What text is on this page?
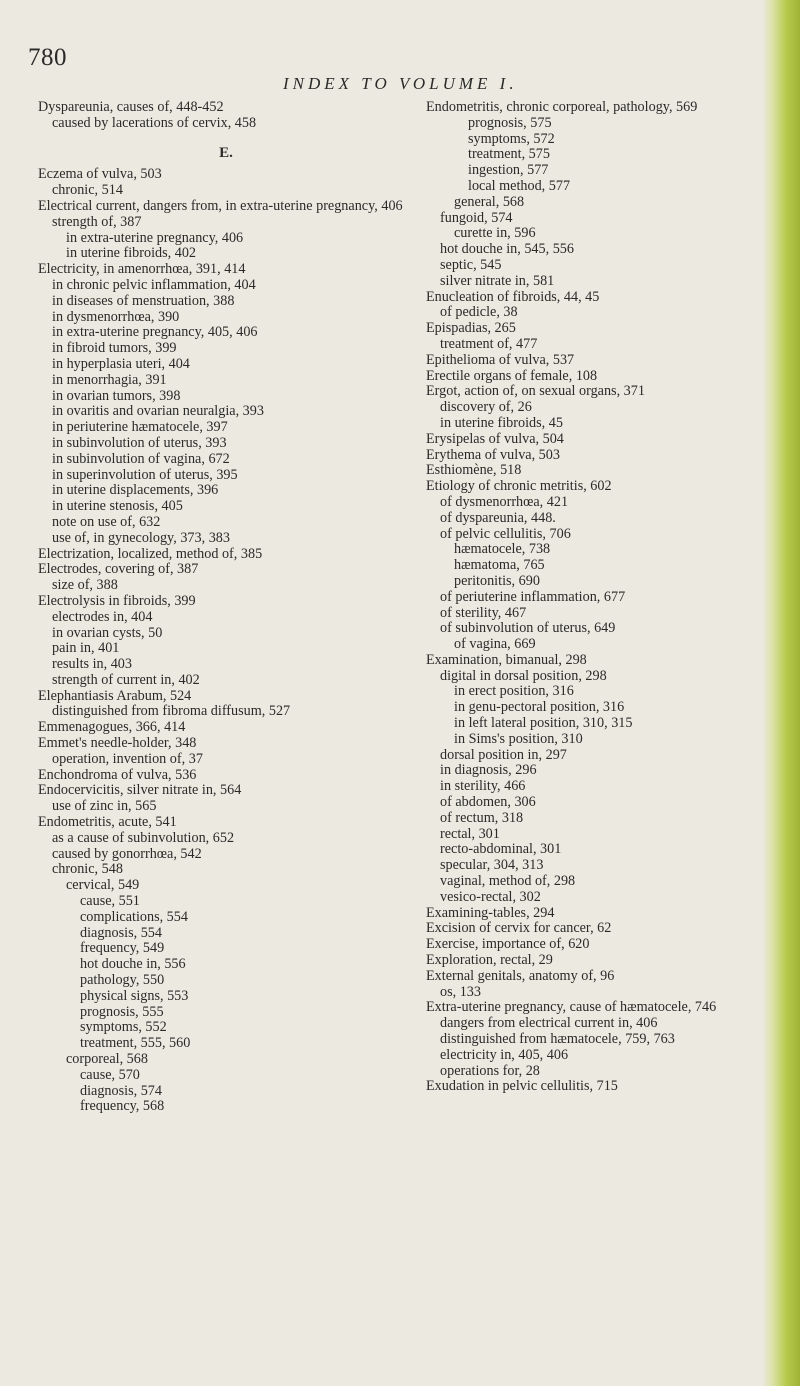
780
INDEX TO VOLUME I.

Dyspareunia, causes of, 448-452

caused by lacerations of cervix, 458

E.

Eczema of vulva, 503

chronic, 514

Electrical current, dangers from, in extra-uterine pregnancy, 406

strength of, 387

in extra-uterine pregnancy, 406

in uterine fibroids, 402

Electricity, in amenorrhœa, 391, 414

in chronic pelvic inflammation, 404

in diseases of menstruation, 388

in dysmenorrhœa, 390

in extra-uterine pregnancy, 405, 406

in fibroid tumors, 399

in hyperplasia uteri, 404

in menorrhagia, 391

in ovarian tumors, 398

in ovaritis and ovarian neuralgia, 393

in periuterine hæmatocele, 397

in subinvolution of uterus, 393

in subinvolution of vagina, 672

in superinvolution of uterus, 395

in uterine displacements, 396

in uterine stenosis, 405

note on use of, 632

use of, in gynecology, 373, 383

Electrization, localized, method of, 385

Electrodes, covering of, 387

size of, 388

Electrolysis in fibroids, 399

electrodes in, 404

in ovarian cysts, 50

pain in, 401

results in, 403

strength of current in, 402

Elephantiasis Arabum, 524

distinguished from fibroma diffusum, 527

Emmenagogues, 366, 414

Emmet's needle-holder, 348

operation, invention of, 37

Enchondroma of vulva, 536

Endocervicitis, silver nitrate in, 564

use of zinc in, 565

Endometritis, acute, 541

as a cause of subinvolution, 652

caused by gonorrhœa, 542

chronic, 548

cervical, 549

cause, 551

complications, 554

diagnosis, 554

frequency, 549

hot douche in, 556

pathology, 550

physical signs, 553

prognosis, 555

symptoms, 552

treatment, 555, 560

corporeal, 568

cause, 570

diagnosis, 574

frequency, 568

Endometritis, chronic corporeal, pathology, 569

prognosis, 575

symptoms, 572

treatment, 575

ingestion, 577

local method, 577

general, 568

fungoid, 574

curette in, 596

hot douche in, 545, 556

septic, 545

silver nitrate in, 581

Enucleation of fibroids, 44, 45

of pedicle, 38

Epispadias, 265

treatment of, 477

Epithelioma of vulva, 537

Erectile organs of female, 108

Ergot, action of, on sexual organs, 371

discovery of, 26

in uterine fibroids, 45

Erysipelas of vulva, 504

Erythema of vulva, 503

Esthiomène, 518

Etiology of chronic metritis, 602

of dysmenorrhœa, 421

of dyspareunia, 448.

of pelvic cellulitis, 706

hæmatocele, 738

hæmatoma, 765

peritonitis, 690

of periuterine inflammation, 677

of sterility, 467

of subinvolution of uterus, 649

of vagina, 669

Examination, bimanual, 298

digital in dorsal position, 298

in erect position, 316

in genu-pectoral position, 316

in left lateral position, 310, 315

in Sims's position, 310

dorsal position in, 297

in diagnosis, 296

in sterility, 466

of abdomen, 306

of rectum, 318

rectal, 301

recto-abdominal, 301

specular, 304, 313

vaginal, method of, 298

vesico-rectal, 302

Examining-tables, 294

Excision of cervix for cancer, 62

Exercise, importance of, 620

Exploration, rectal, 29

External genitals, anatomy of, 96

os, 133

Extra-uterine pregnancy, cause of hæmatocele, 746

dangers from electrical current in, 406

distinguished from hæmatocele, 759, 763

electricity in, 405, 406

operations for, 28

Exudation in pelvic cellulitis, 715
